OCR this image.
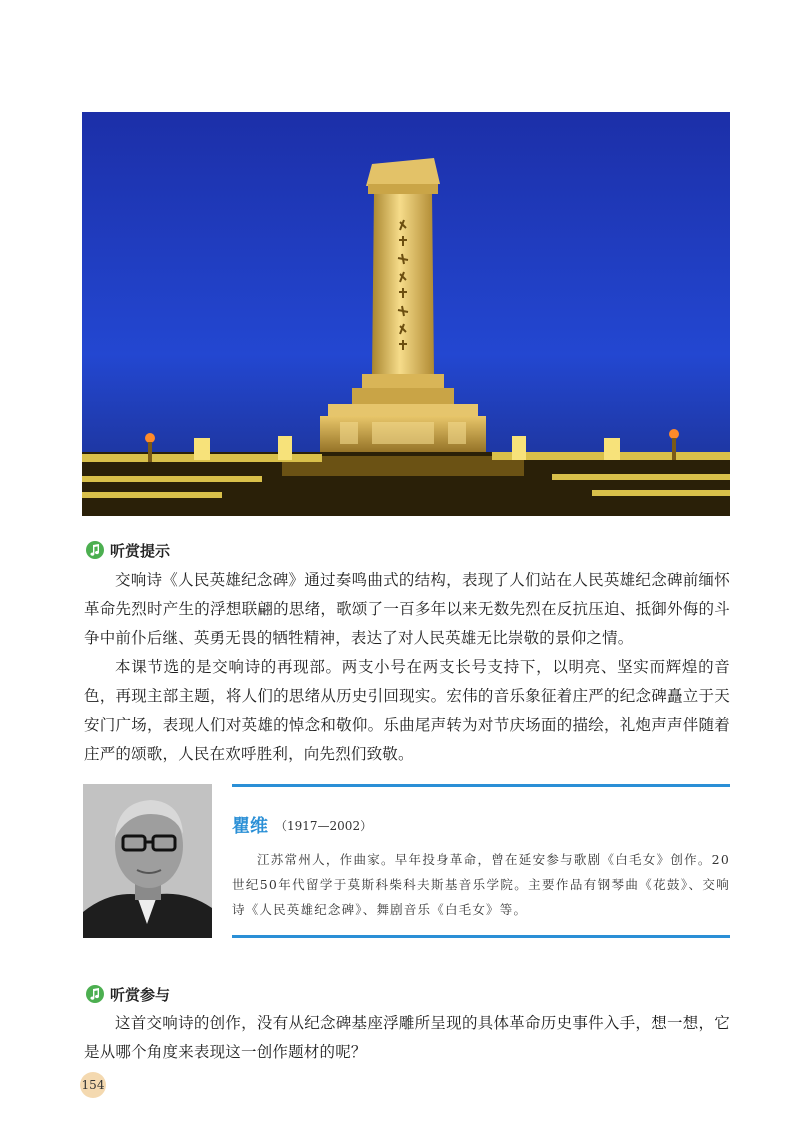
听赏提示

交响诗《人民英雄纪念碑》通过奏鸣曲式的结构，表现了人们站在人民英雄纪念碑前缅怀革命先烈时产生的浮想联翩的思绪，歌颂了一百多年以来无数先烈在反抗压迫、抵御外侮的斗争中前仆后继、英勇无畏的牺牲精神，表达了对人民英雄无比崇敬的景仰之情。

本课节选的是交响诗的再现部。两支小号在两支长号支持下，以明亮、坚实而辉煌的音色，再现主部主题，将人们的思绪从历史引回现实。宏伟的音乐象征着庄严的纪念碑矗立于天安门广场，表现人们对英雄的悼念和敬仰。乐曲尾声转为对节庆场面的描绘，礼炮声声伴随着庄严的颂歌，人民在欢呼胜利，向先烈们致敬。

瞿维 （1917—2002）

江苏常州人，作曲家。早年投身革命，曾在延安参与歌剧《白毛女》创作。20世纪50年代留学于莫斯科柴科夫斯基音乐学院。主要作品有钢琴曲《花鼓》、交响诗《人民英雄纪念碑》、舞剧音乐《白毛女》等。

听赏参与

这首交响诗的创作，没有从纪念碑基座浮雕所呈现的具体革命历史事件入手，想一想，它是从哪个角度来表现这一创作题材的呢？

154
